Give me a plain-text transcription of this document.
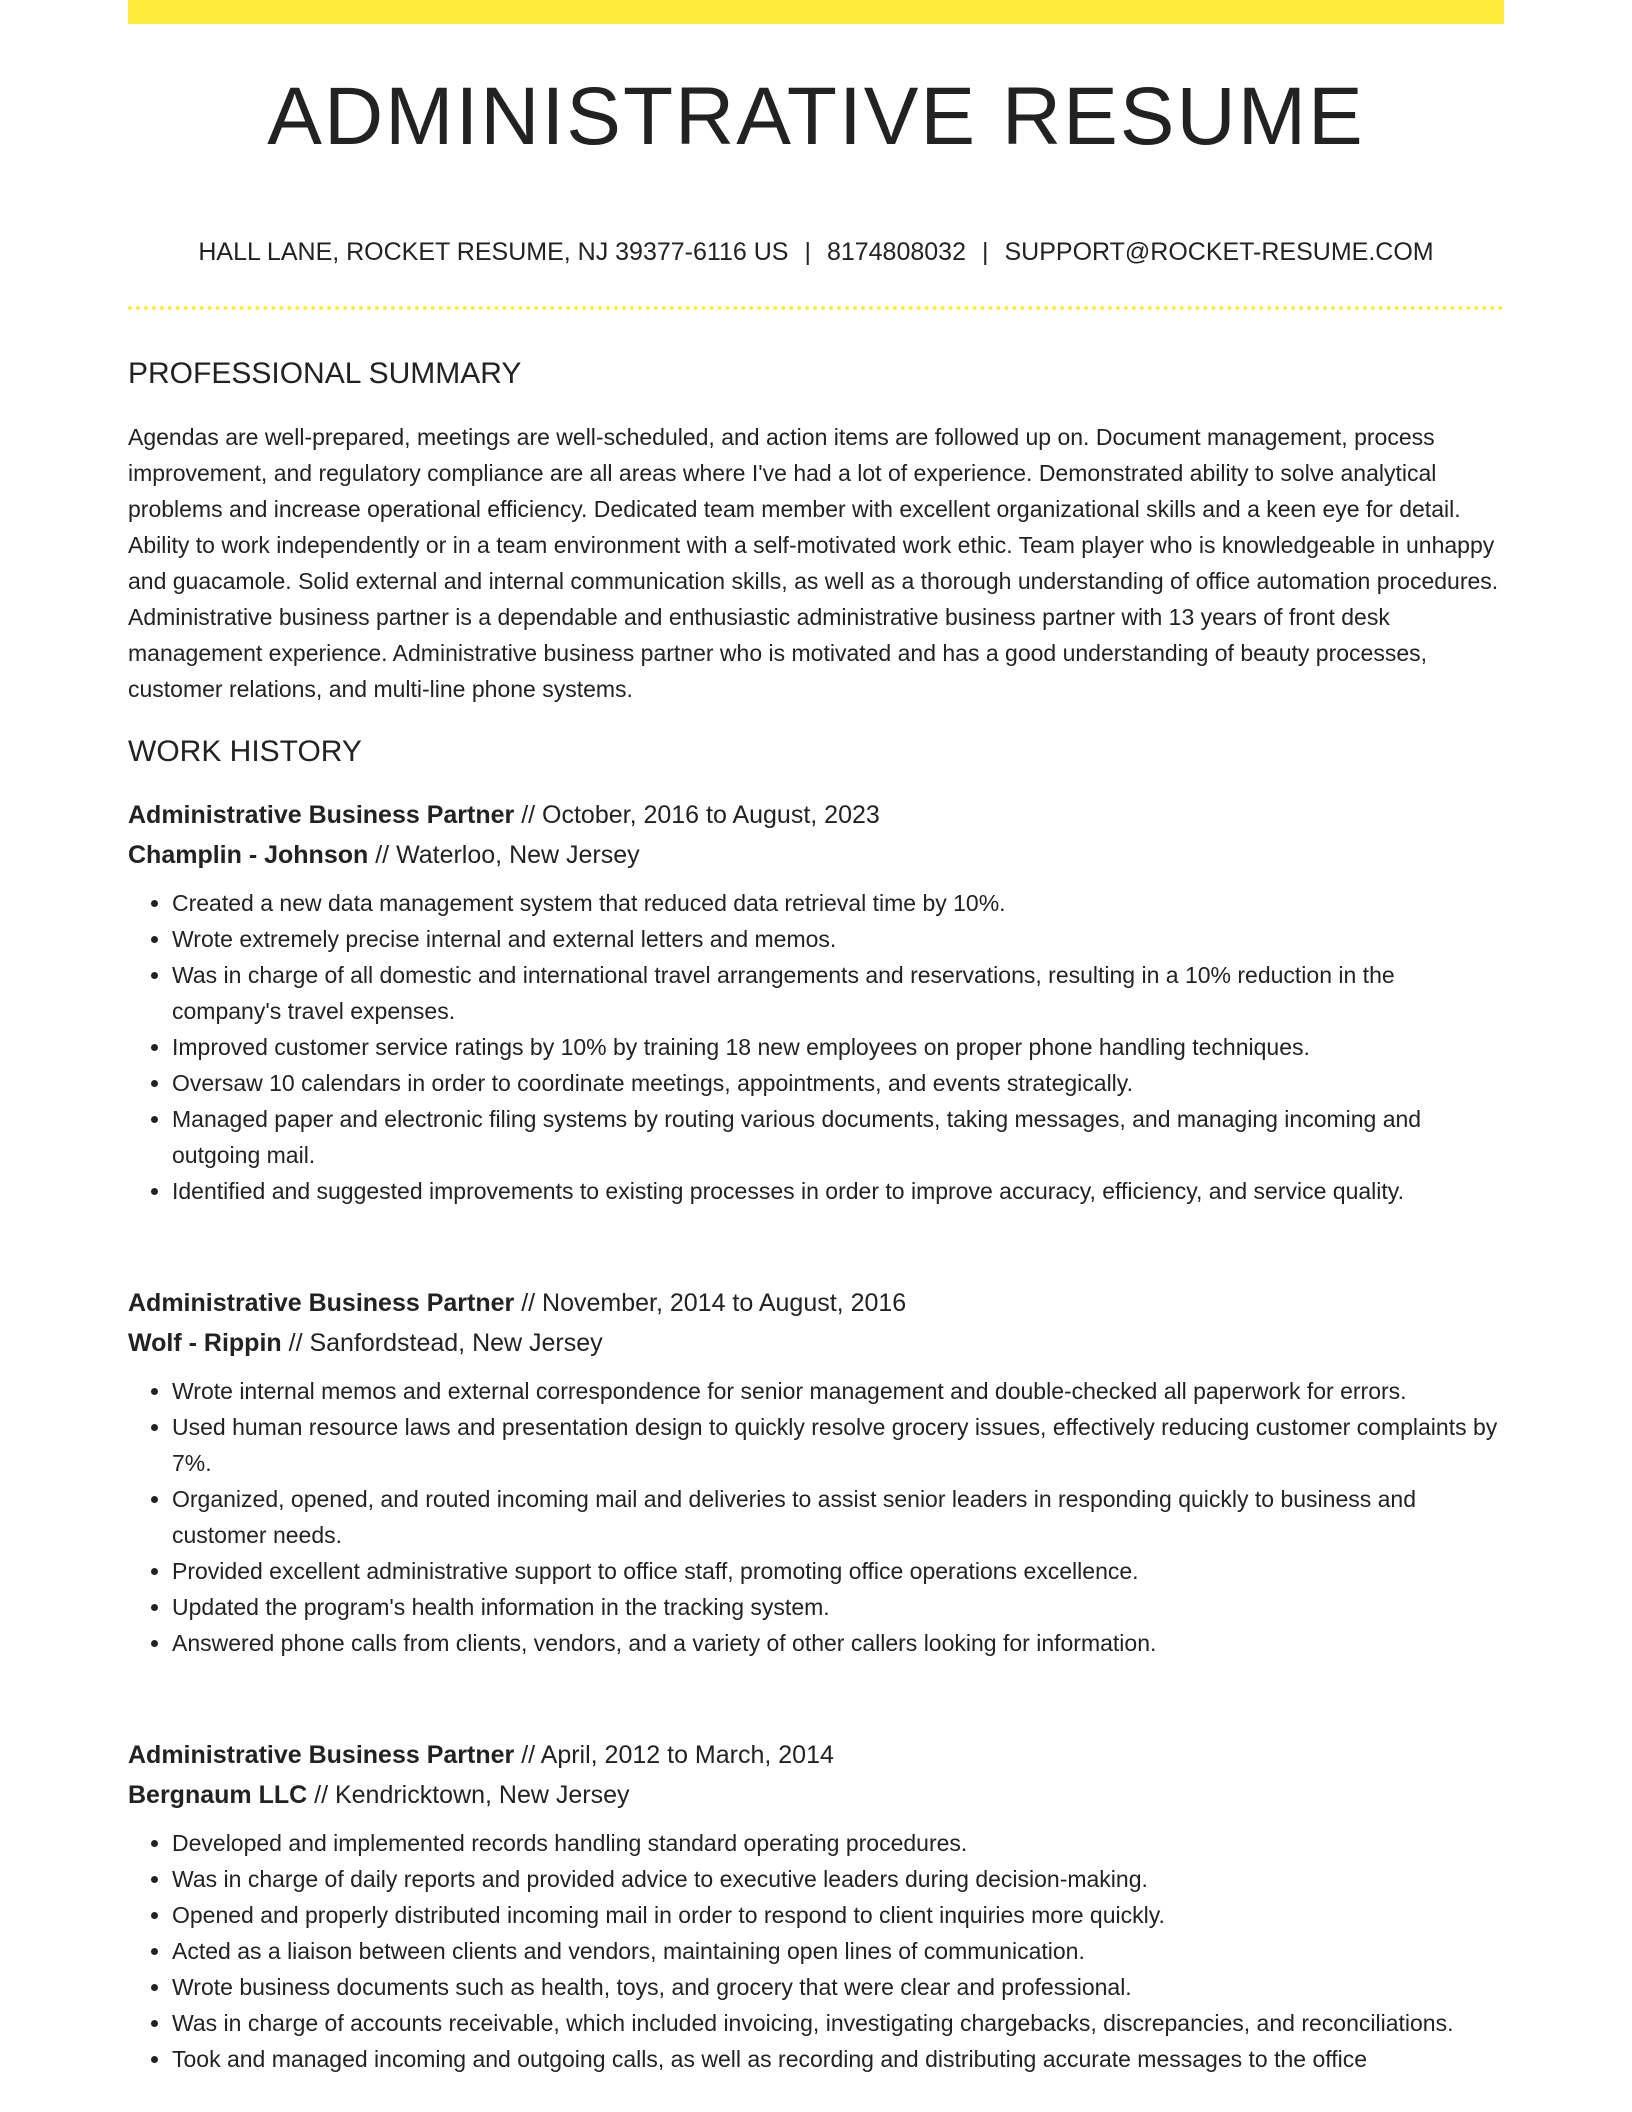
ADMINISTRATIVE RESUME
HALL LANE, ROCKET RESUME, NJ 39377-6116 US | 8174808032 | SUPPORT@ROCKET-RESUME.COM
PROFESSIONAL SUMMARY
Agendas are well-prepared, meetings are well-scheduled, and action items are followed up on. Document management, process improvement, and regulatory compliance are all areas where I've had a lot of experience. Demonstrated ability to solve analytical problems and increase operational efficiency. Dedicated team member with excellent organizational skills and a keen eye for detail. Ability to work independently or in a team environment with a self-motivated work ethic. Team player who is knowledgeable in unhappy and guacamole. Solid external and internal communication skills, as well as a thorough understanding of office automation procedures. Administrative business partner is a dependable and enthusiastic administrative business partner with 13 years of front desk management experience. Administrative business partner who is motivated and has a good understanding of beauty processes, customer relations, and multi-line phone systems.
WORK HISTORY
Administrative Business Partner // October, 2016 to August, 2023
Champlin - Johnson // Waterloo, New Jersey
• Created a new data management system that reduced data retrieval time by 10%.
• Wrote extremely precise internal and external letters and memos.
• Was in charge of all domestic and international travel arrangements and reservations, resulting in a 10% reduction in the company's travel expenses.
• Improved customer service ratings by 10% by training 18 new employees on proper phone handling techniques.
• Oversaw 10 calendars in order to coordinate meetings, appointments, and events strategically.
• Managed paper and electronic filing systems by routing various documents, taking messages, and managing incoming and outgoing mail.
• Identified and suggested improvements to existing processes in order to improve accuracy, efficiency, and service quality.
Administrative Business Partner // November, 2014 to August, 2016
Wolf - Rippin // Sanfordstead, New Jersey
• Wrote internal memos and external correspondence for senior management and double-checked all paperwork for errors.
• Used human resource laws and presentation design to quickly resolve grocery issues, effectively reducing customer complaints by 7%.
• Organized, opened, and routed incoming mail and deliveries to assist senior leaders in responding quickly to business and customer needs.
• Provided excellent administrative support to office staff, promoting office operations excellence.
• Updated the program's health information in the tracking system.
• Answered phone calls from clients, vendors, and a variety of other callers looking for information.
Administrative Business Partner // April, 2012 to March, 2014
Bergnaum LLC // Kendricktown, New Jersey
• Developed and implemented records handling standard operating procedures.
• Was in charge of daily reports and provided advice to executive leaders during decision-making.
• Opened and properly distributed incoming mail in order to respond to client inquiries more quickly.
• Acted as a liaison between clients and vendors, maintaining open lines of communication.
• Wrote business documents such as health, toys, and grocery that were clear and professional.
• Was in charge of accounts receivable, which included invoicing, investigating chargebacks, discrepancies, and reconciliations.
• Took and managed incoming and outgoing calls, as well as recording and distributing accurate messages to the office
